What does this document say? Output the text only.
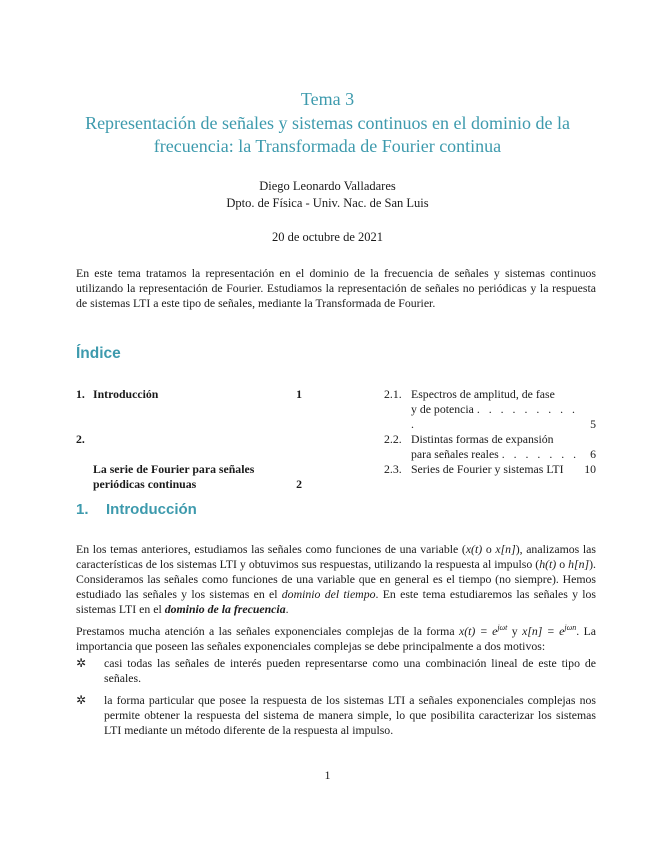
Tema 3
Representación de señales y sistemas continuos en el dominio de la
frecuencia: la Transformada de Fourier continua
Diego Leonardo Valladares
Dpto. de Física - Univ. Nac. de San Luis
20 de octubre de 2021
En este tema tratamos la representación en el dominio de la frecuencia de señales y sistemas continuos utilizando la representación de Fourier. Estudiamos la representación de señales no periódicas y la respuesta de sistemas LTI a este tipo de señales, mediante la Transformada de Fourier.
Índice
1. Introducción	1
2.
La serie de Fourier para señales periódicas continuas	2
2.1. Espectros de amplitud, de fase
y de potencia . . . . . . . . . .	5
2.2. Distintas formas de expansión
para señales reales . . . . . . . 6
2.3. Series de Fourier y sistemas LTI	10
1. Introducción
En los temas anteriores, estudiamos las señales como funciones de una variable (x(t) o x[n]), analizamos las características de los sistemas LTI y obtuvimos sus respuestas, utilizando la respuesta al impulso (h(t) o h[n]). Consideramos las señales como funciones de una variable que en general es el tiempo (no siempre). Hemos estudiado las señales y los sistemas en el dominio del tiempo. En este tema estudiaremos las señales y los sistemas LTI en el dominio de la frecuencia.
Prestamos mucha atención a las señales exponenciales complejas de la forma $x(t) = e^{j\omega t}$ y $x[n] = e^{j\omega n}$. La importancia que poseen las señales exponenciales complejas se debe principalmente a dos motivos:
✲	casi todas las señales de interés pueden representarse como una combinación lineal de este tipo de señales.
✲	la forma particular que posee la respuesta de los sistemas LTI a señales exponenciales complejas nos permite obtener la respuesta del sistema de manera simple, lo que posibilita caracterizar los sistemas LTI mediante un método diferente de la respuesta al impulso.
1
